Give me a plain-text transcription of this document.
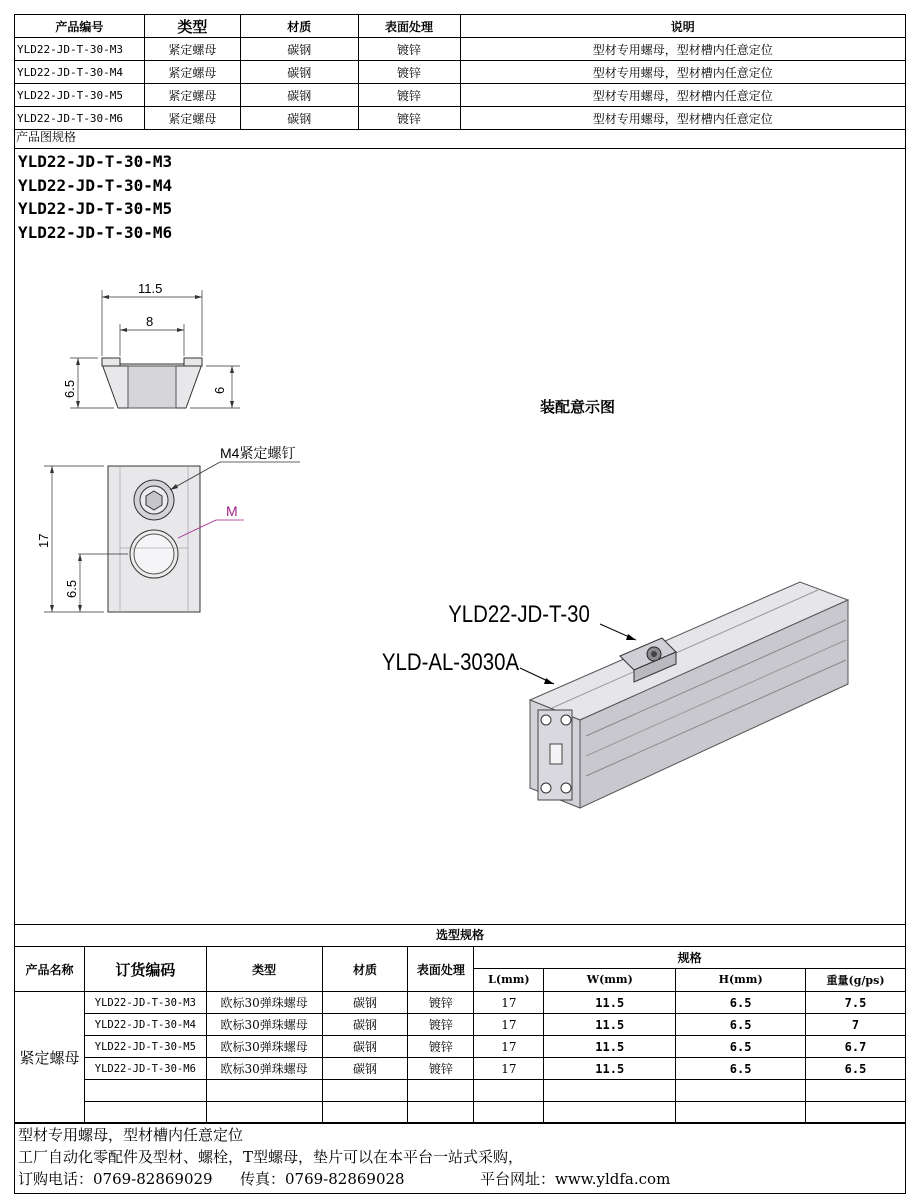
产品编号	类型	材质	表面处理	说明
YLD22-JD-T-30-M3	紧定螺母	碳钢	镀锌	型材专用螺母，型材槽内任意定位
YLD22-JD-T-30-M4	紧定螺母	碳钢	镀锌	型材专用螺母，型材槽内任意定位
YLD22-JD-T-30-M5	紧定螺母	碳钢	镀锌	型材专用螺母，型材槽内任意定位
YLD22-JD-T-30-M6	紧定螺母	碳钢	镀锌	型材专用螺母，型材槽内任意定位
产品图规格
YLD22-JD-T-30-M3
YLD22-JD-T-30-M4
YLD22-JD-T-30-M5
YLD22-JD-T-30-M6
11.5
8
6.5	6
M4紧定螺钉
M
17
6.5
装配意示图
YLD22-JD-T-30
YLD-AL-3030A
选型规格
产品名称	订货编码	类型	材质	表面处理	规格			
					L(mm)	W(mm)	H(mm)	重量(g/ps)
紧定螺母	YLD22-JD-T-30-M3	欧标30弹珠螺母	碳钢	镀锌	17	11.5	6.5	7.5
	YLD22-JD-T-30-M4	欧标30弹珠螺母	碳钢	镀锌	17	11.5	6.5	7
	YLD22-JD-T-30-M5	欧标30弹珠螺母	碳钢	镀锌	17	11.5	6.5	6.7
	YLD22-JD-T-30-M6	欧标30弹珠螺母	碳钢	镀锌	17	11.5	6.5	6.5

型材专用螺母，型材槽内任意定位
工厂自动化零配件及型材、螺栓，T型螺母，垫片可以在本平台一站式采购，
订购电话：0769-82869029 传真：0769-82869028	平台网址：www.yldfa.com
